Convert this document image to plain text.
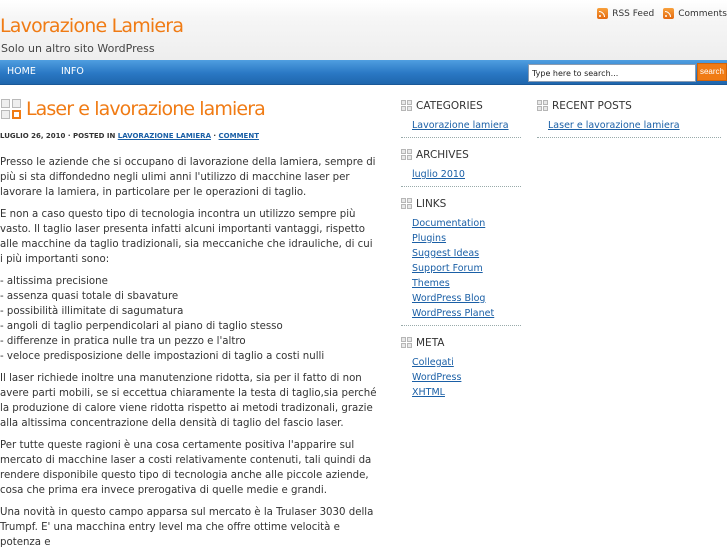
Lavorazione Lamiera
Solo un altro sito WordPress
RSS Feed	Comments
HOME	INFO
Type here to search...	search
Laser e lavorazione lamiera
LUGLIO 26, 2010 · POSTED IN LAVORAZIONE LAMIERA · COMMENT

Presso le aziende che si occupano di lavorazione della lamiera, sempre di più si sta diffondedno negli ulimi anni l'utilizzo di macchine laser per lavorare la lamiera, in particolare per le operazioni di taglio.

E non a caso questo tipo di tecnologia incontra un utilizzo sempre più vasto. Il taglio laser presenta infatti alcuni importanti vantaggi, rispetto alle macchine da taglio tradizionali, sia meccaniche che idrauliche, di cui i più importanti sono:

- altissima precisione
- assenza quasi totale di sbavature
- possibilità illimitate di sagumatura
- angoli di taglio perpendicolari al piano di taglio stesso
- differenze in pratica nulle tra un pezzo e l'altro
- veloce predisposizione delle impostazioni di taglio a costi nulli

Il laser richiede inoltre una manutenzione ridotta, sia per il fatto di non avere parti mobili, se si eccettua chiaramente la testa di taglio,sia perché la produzione di calore viene ridotta rispetto ai metodi tradizonali, grazie alla altissima concentrazione della densità di taglio del fascio laser.

Per tutte queste ragioni è una cosa certamente positiva l'apparire sul mercato di macchine laser a costi relativamente contenuti, tali quindi da rendere disponibile questo tipo di tecnologia anche alle piccole aziende, cosa che prima era invece prerogativa di quelle medie e grandi.

Una novità in questo campo apparsa sul mercato è la Trulaser 3030 della Trumpf. E' una macchina entry level ma che offre ottime velocità e potenza e

CATEGORIES
Lavorazione lamiera
ARCHIVES
luglio 2010
LINKS
Documentation
Plugins
Suggest Ideas
Support Forum
Themes
WordPress Blog
WordPress Planet
META
Collegati
WordPress
XHTML
RECENT POSTS
Laser e lavorazione lamiera
